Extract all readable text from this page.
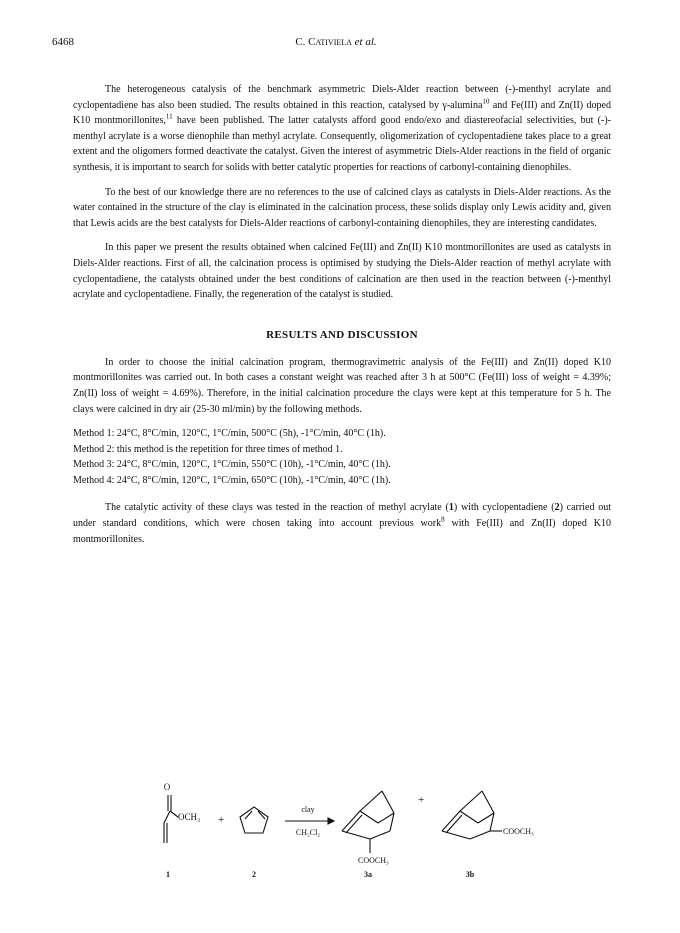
6468	C. Cativiela et al.

The heterogeneous catalysis of the benchmark asymmetric Diels-Alder reaction between (-)-menthyl acrylate and cyclopentadiene has also been studied. The results obtained in this reaction, catalysed by γ-alumina$^{10}$ and Fe(III) and Zn(II) doped K10 montmorillonites,$^{11}$ have been published. The latter catalysts afford good endo/exo and diastereofacial selectivities, but (-)-menthyl acrylate is a worse dienophile than methyl acrylate. Consequently, oligomerization of cyclopentadiene takes place to a great extent and the oligomers formed deactivate the catalyst. Given the interest of asymmetric Diels-Alder reactions in the field of organic synthesis, it is important to search for solids with better catalytic properties for reactions of carbonyl-containing dienophiles.

To the best of our knowledge there are no references to the use of calcined clays as catalysts in Diels-Alder reactions. As the water contained in the structure of the clay is eliminated in the calcination process, these solids display only Lewis acidity and, given that Lewis acids are the best catalysts for Diels-Alder reactions of carbonyl-containing dienophiles, they are interesting candidates.

In this paper we present the results obtained when calcined Fe(III) and Zn(II) K10 montmorillonites are used as catalysts in Diels-Alder reactions. First of all, the calcination process is optimised by studying the Diels-Alder reaction of methyl acrylate with cyclopentadiene, the catalysts obtained under the best conditions of calcination are then used in the reaction between (-)-menthyl acrylate and cyclopentadiene. Finally, the regeneration of the catalyst is studied.

RESULTS AND DISCUSSION

In order to choose the initial calcination program, thermogravimetric analysis of the Fe(III) and Zn(II) doped K10 montmorillonites was carried out. In both cases a constant weight was reached after 3 h at 500°C (Fe(III) loss of weight = 4.39%; Zn(II) loss of weight = 4.69%). Therefore, in the initial calcination procedure the clays were kept at this temperature for 5 h. The clays were calcined in dry air (25-30 ml/min) by the following methods.

Method 1: 24°C, 8°C/min, 120°C, 1°C/min, 500°C (5h), -1°C/min, 40°C (1h).
Method 2: this method is the repetition for three times of method 1.
Method 3: 24°C, 8°C/min, 120°C, 1°C/min, 550°C (10h), -1°C/min, 40°C (1h).
Method 4: 24°C, 8°C/min, 120°C, 1°C/min, 650°C (10h), -1°C/min, 40°C (1h).

The catalytic activity of these clays was tested in the reaction of methyl acrylate (1) with cyclopentadiene (2) carried out under standard conditions, which were chosen taking into account previous work$^8$ with Fe(III) and Zn(II) doped K10 montmorillonites.

O
OCH₃ +
clay
CH₂Cl₂
COOCH₃
+
COOCH₃
1	2	3a	3b
